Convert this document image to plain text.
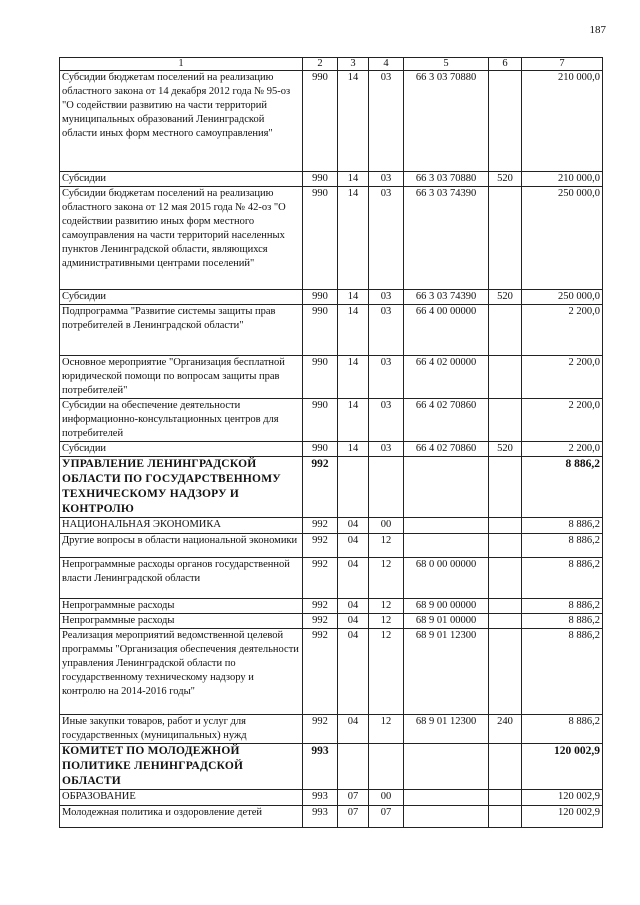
187
1	2	3	4	5	6	7
Субсидии бюджетам поселений на реализацию областного закона от 14 декабря 2012 года № 95-оз "О содействии развитию на части территорий муниципальных образований Ленинградской области иных форм местного самоуправления"	990	14	03	66 3 03 70880		210 000,0
Субсидии	990	14	03	66 3 03 70880	520	210 000,0
Субсидии бюджетам поселений на реализацию областного закона от 12 мая 2015 года № 42-оз "О содействии развитию иных форм местного самоуправления на части территорий населенных пунктов Ленинградской области, являющихся административными центрами поселений"	990	14	03	66 3 03 74390		250 000,0
Субсидии	990	14	03	66 3 03 74390	520	250 000,0
Подпрограмма "Развитие системы защиты прав потребителей в Ленинградской области"	990	14	03	66 4 00 00000		2 200,0
Основное мероприятие "Организация бесплатной юридической помощи по вопросам защиты прав потребителей"	990	14	03	66 4 02 00000		2 200,0
Субсидии на обеспечение деятельности информационно-консультационных центров для потребителей	990	14	03	66 4 02 70860		2 200,0
Субсидии	990	14	03	66 4 02 70860	520	2 200,0
УПРАВЛЕНИЕ ЛЕНИНГРАДСКОЙ ОБЛАСТИ ПО ГОСУДАРСТВЕННОМУ ТЕХНИЧЕСКОМУ НАДЗОРУ И КОНТРОЛЮ	992					8 886,2
НАЦИОНАЛЬНАЯ ЭКОНОМИКА	992	04	00			8 886,2
Другие вопросы в области национальной экономики	992	04	12			8 886,2
Непрограммные расходы органов государственной власти Ленинградской области	992	04	12	68 0 00 00000		8 886,2
Непрограммные расходы	992	04	12	68 9 00 00000		8 886,2
Непрограммные расходы	992	04	12	68 9 01 00000		8 886,2
Реализация мероприятий ведомственной целевой программы "Организация обеспечения деятельности управления Ленинградской области по государственному техническому надзору и контролю на 2014-2016 годы"	992	04	12	68 9 01 12300		8 886,2
Иные закупки товаров, работ и услуг для государственных (муниципальных) нужд	992	04	12	68 9 01 12300	240	8 886,2
КОМИТЕТ ПО МОЛОДЕЖНОЙ ПОЛИТИКЕ ЛЕНИНГРАДСКОЙ ОБЛАСТИ	993					120 002,9
ОБРАЗОВАНИЕ	993	07	00			120 002,9
Молодежная политика и оздоровление детей	993	07	07			120 002,9
